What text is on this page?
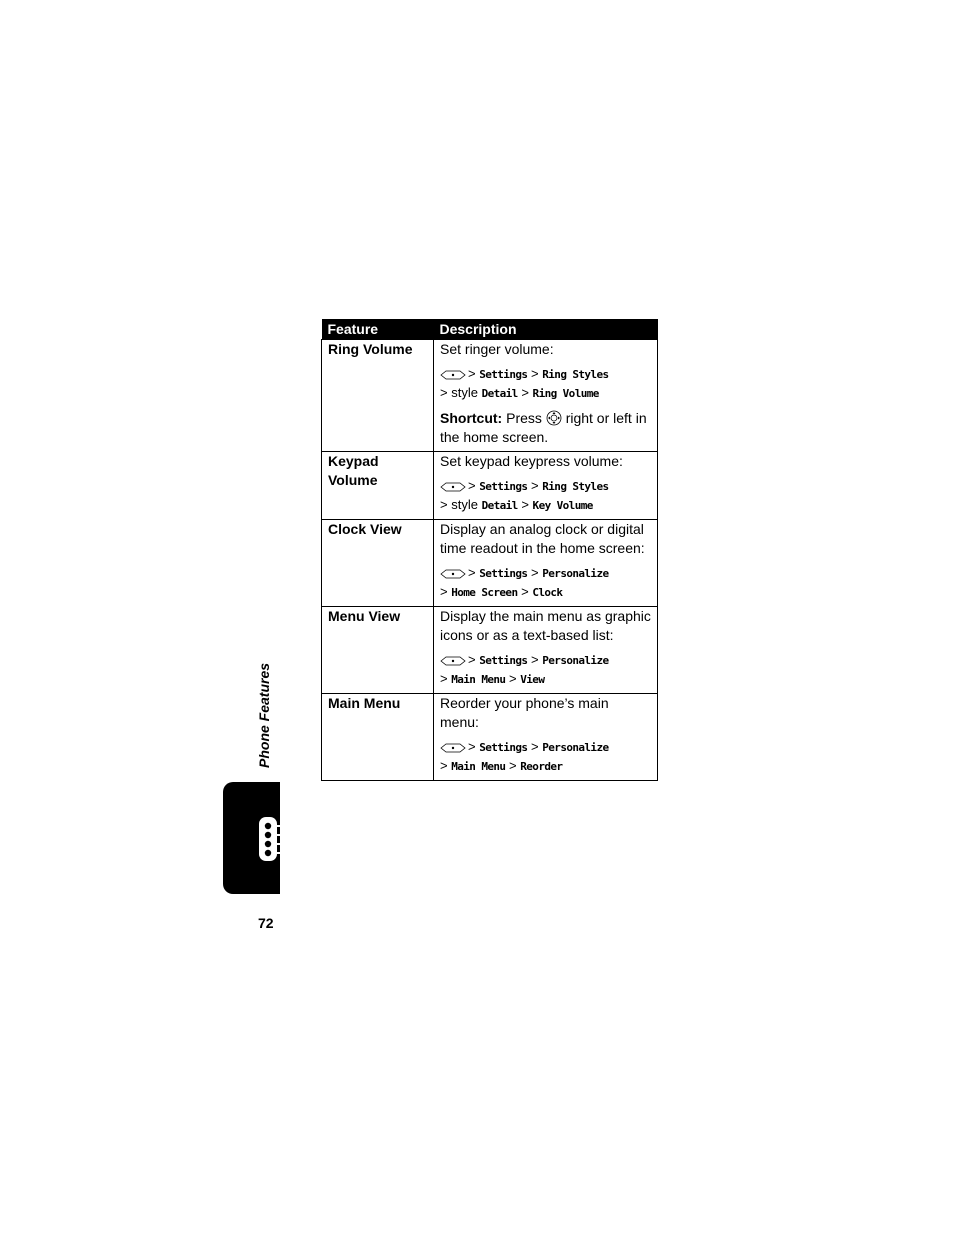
Feature	Description
Ring Volume	Set ringer volume:
> Settings > Ring Styles
> style Detail > Ring Volume
Shortcut: Press right or left in the home screen.

Keypad Volume	Set keypad keypress volume:
> Settings > Ring Styles
> style Detail > Key Volume

Clock View	Display an analog clock or digital time readout in the home screen:
> Settings > Personalize
> Home Screen > Clock

Menu View	Display the main menu as graphic icons or as a text-based list:
> Settings > Personalize
> Main Menu > View

Main Menu	Reorder your phone’s main menu:
> Settings > Personalize
> Main Menu > Reorder
Phone Features
72
